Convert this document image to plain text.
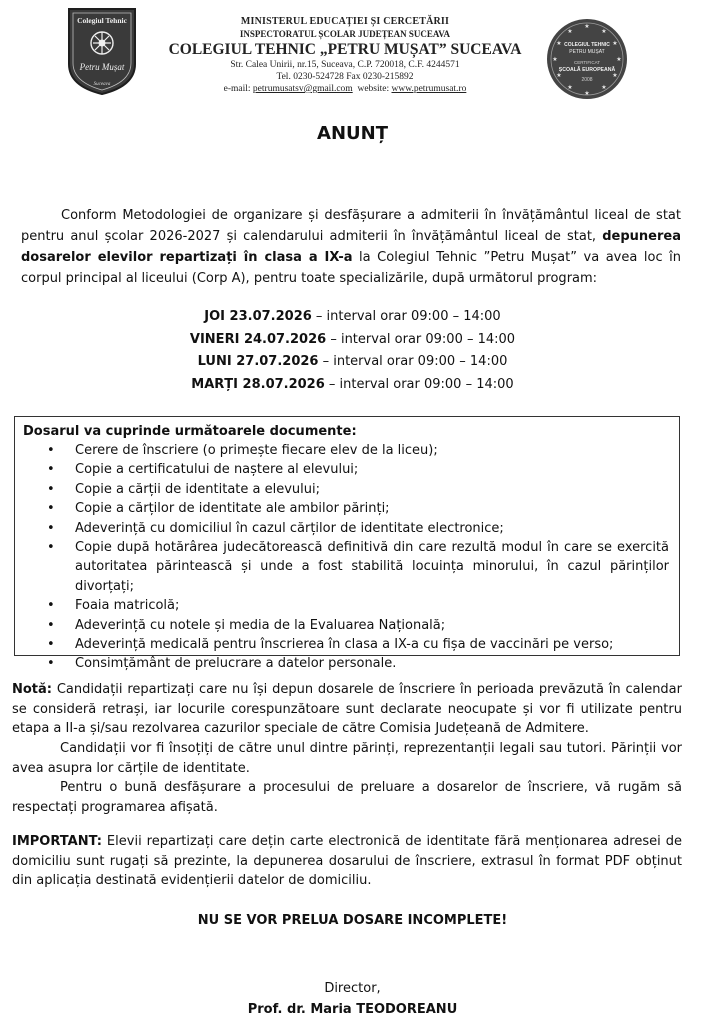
Colegiul Tehnic
Petru Mușat
Suceava
MINISTERUL EDUCAȚIEI ȘI CERCETĂRII
INSPECTORATUL ȘCOLAR JUDEȚEAN SUCEAVA
COLEGIUL TEHNIC „PETRU MUȘAT” SUCEAVA
Str. Calea Unirii, nr.15, Suceava, C.P. 720018, C.F. 4244571
Tel. 0230-524728 Fax 0230-215892
e-mail: petrumusatsv@gmail.com  website: www.petrumusat.ro
★
★
★
★
★
★
★
★
★
★
★
★
COLEGIUL TEHNIC
PETRU MUȘAT
CERTIFICAT
ȘCOALĂ EUROPEANĂ
2008
ANUNȚ
Conform Metodologiei de organizare și desfășurare a admiterii în învățământul liceal de stat pentru anul școlar 2026-2027 și calendarului admiterii în învățământul liceal de stat, depunerea dosarelor elevilor repartizați în clasa a IX-a la Colegiul Tehnic ”Petru Mușat” va avea loc în corpul principal al liceului (Corp A), pentru toate specializările, după următorul program:
JOI 23.07.2026 – interval orar 09:00 – 14:00
VINERI 24.07.2026 – interval orar 09:00 – 14:00
LUNI 27.07.2026 – interval orar 09:00 – 14:00
MARȚI 28.07.2026 – interval orar 09:00 – 14:00
Dosarul va cuprinde următoarele documente:
• Cerere de înscriere (o primește fiecare elev de la liceu);
• Copie a certificatului de naștere al elevului;
• Copie a cărții de identitate a elevului;
• Copie a cărților de identitate ale ambilor părinți;
• Adeverință cu domiciliul în cazul cărților de identitate electronice;
• Copie după hotărârea judecătorească definitivă din care rezultă modul în care se exercită autoritatea părintească și unde a fost stabilită locuința minorului, în cazul părinților divorțați;
• Foaia matricolă;
• Adeverință cu notele și media de la Evaluarea Națională;
• Adeverință medicală pentru înscrierea în clasa a IX-a cu fișa de vaccinări pe verso;
• Consimțământ de prelucrare a datelor personale.
Notă: Candidații repartizați care nu își depun dosarele de înscriere în perioada prevăzută în calendar se consideră retrași, iar locurile corespunzătoare sunt declarate neocupate și vor fi utilizate pentru etapa a II-a și/sau rezolvarea cazurilor speciale de către Comisia Județeană de Admitere.
Candidații vor fi însoțiți de către unul dintre părinți, reprezentanții legali sau tutori. Părinții vor avea asupra lor cărțile de identitate.
Pentru o bună desfășurare a procesului de preluare a dosarelor de înscriere, vă rugăm să respectați programarea afișată.
IMPORTANT: Elevii repartizați care dețin carte electronică de identitate fără menționarea adresei de domiciliu sunt rugați să prezinte, la depunerea dosarului de înscriere, extrasul în format PDF obținut din aplicația destinată evidențierii datelor de domiciliu.
NU SE VOR PRELUA DOSARE INCOMPLETE!
Director,
Prof. dr. Maria TEODOREANU
